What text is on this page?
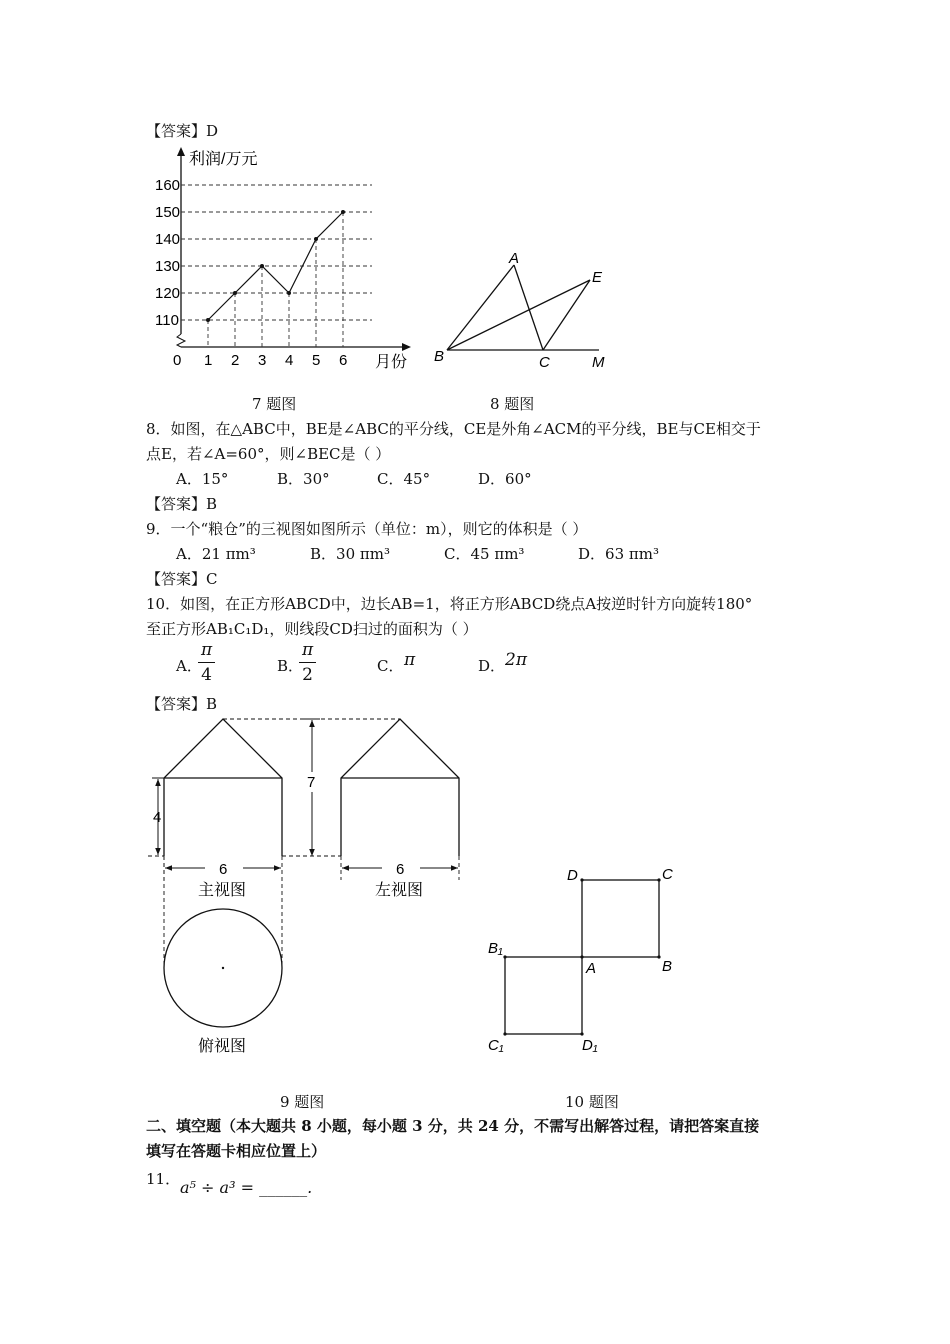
【答案】D
110
120
130
140
150
160
1 2 3 4 5 6
0
利润/万元
月份
A
E
B	C	M
7 题图	8 题图
8．如图，在△ABC中，BE是∠ABC的平分线，CE是外角∠ACM的平分线，BE与CE相交于
点E，若∠A=60°，则∠BEC是（ ）
A．15°	B．30°	C．45°	D．60°
【答案】B
9．一个“粮仓”的三视图如图所示（单位：m），则它的体积是（ ）
A．21 πm³	B．30 πm³	C．45 πm³	D．63 πm³
【答案】C
10．如图，在正方形ABCD中，边长AB=1，将正方形ABCD绕点A按逆时针方向旋转180°
至正方形AB₁C₁D₁，则线段CD扫过的面积为（ ）
A．
$\frac{\pi}{4}$	B．
$\frac{\pi}{2}$	C． π	D． 2π
【答案】B
7
4
6	6
主视图	左视图
俯视图
D	C
B₁
A	B
C₁	D₁
9 题图	10 题图
二、填空题（本大题共 8 小题，每小题 3 分，共 24 分，不需写出解答过程，请把答案直接
填写在答题卡相应位置上）
11． a⁵ ÷ a³ = ______.
